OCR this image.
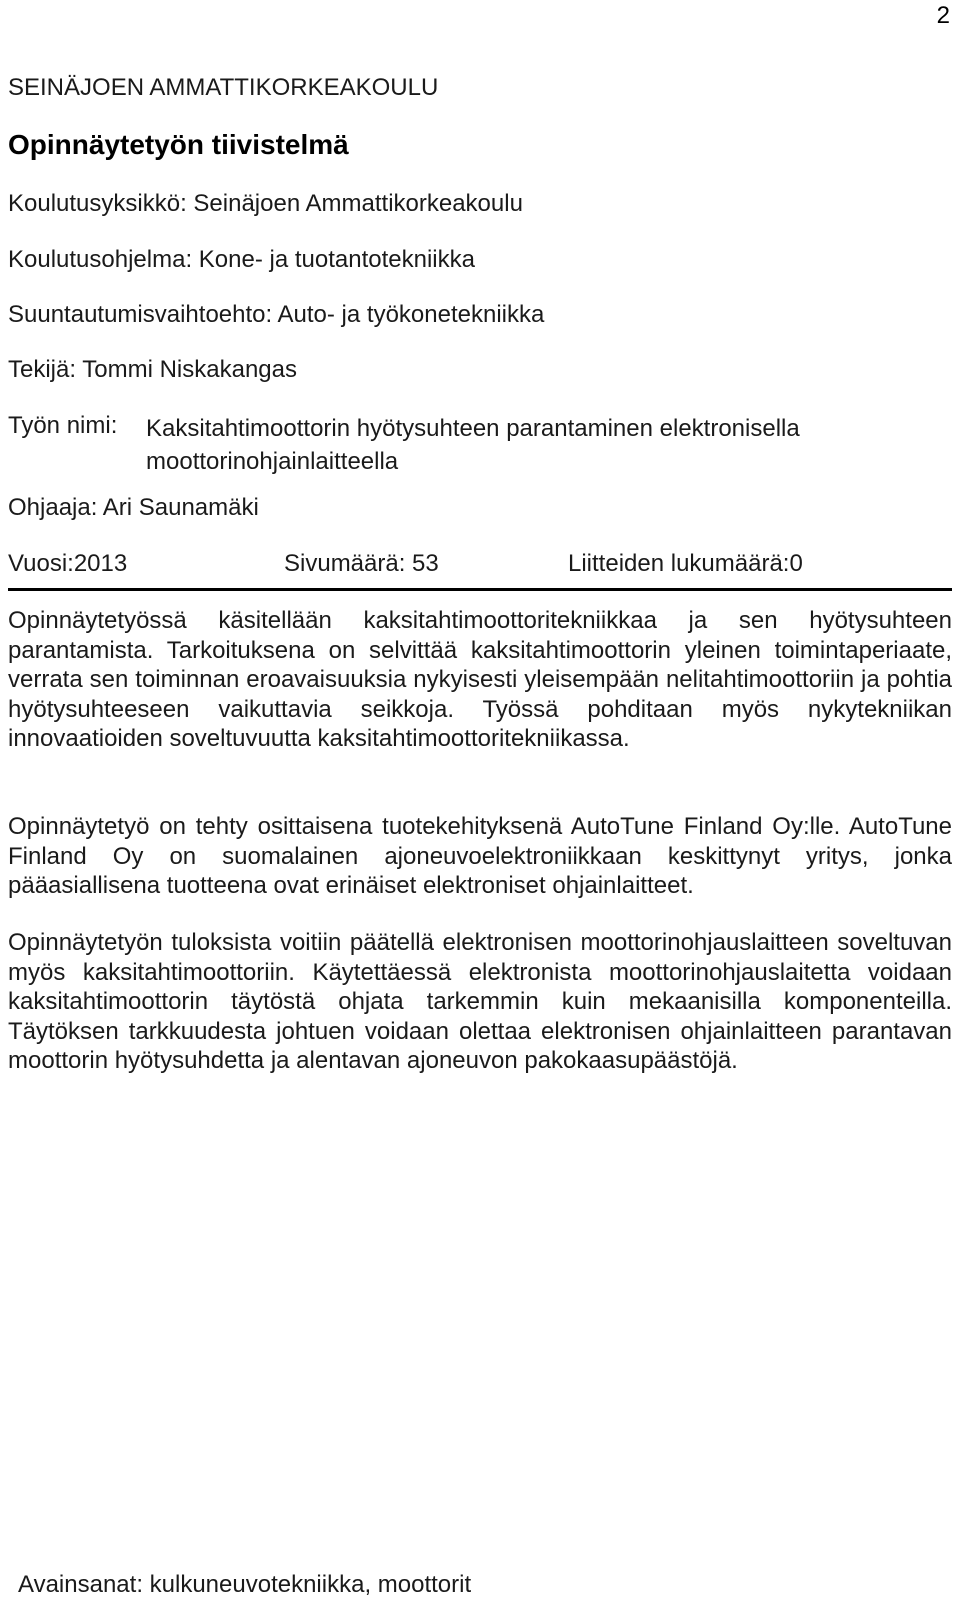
2
SEINÄJOEN AMMATTIKORKEAKOULU
Opinnäytetyön tiivistelmä
Koulutusyksikkö: Seinäjoen Ammattikorkeakoulu
Koulutusohjelma: Kone- ja tuotantotekniikka
Suuntautumisvaihtoehto: Auto- ja työkonetekniikka
Tekijä: Tommi Niskakangas
Työn nimi: Kaksitahtimoottorin hyötysuhteen parantaminen elektronisella moottorinohjainlaitteella
Ohjaaja: Ari Saunamäki
Vuosi:2013	Sivumäärä: 53	Liitteiden lukumäärä:0
Opinnäytetyössä käsitellään kaksitahtimoottoritekniikkaa ja sen hyötysuhteen parantamista. Tarkoituksena on selvittää kaksitahtimoottorin yleinen toimintaperiaate, verrata sen toiminnan eroavaisuuksia nykyisesti yleisempään nelitahtimoottoriin ja pohtia hyötysuhteeseen vaikuttavia seikkoja. Työssä pohditaan myös nykytekniikan innovaatioiden soveltuvuutta kaksitahtimoottoritekniikassa.
Opinnäytetyö on tehty osittaisena tuotekehityksenä AutoTune Finland Oy:lle. AutoTune Finland Oy on suomalainen ajoneuvoelektroniikkaan keskittynyt yritys, jonka pääasiallisena tuotteena ovat erinäiset elektroniset ohjainlaitteet.
Opinnäytetyön tuloksista voitiin päätellä elektronisen moottorinohjauslaitteen soveltuvan myös kaksitahtimoottoriin. Käytettäessä elektronista moottorinohjauslaitetta voidaan kaksitahtimoottorin täytöstä ohjata tarkemmin kuin mekaanisilla komponenteilla. Täytöksen tarkkuudesta johtuen voidaan olettaa elektronisen ohjainlaitteen parantavan moottorin hyötysuhdetta ja alentavan ajoneuvon pakokaasupäästöjä.
Avainsanat: kulkuneuvotekniikka, moottorit
